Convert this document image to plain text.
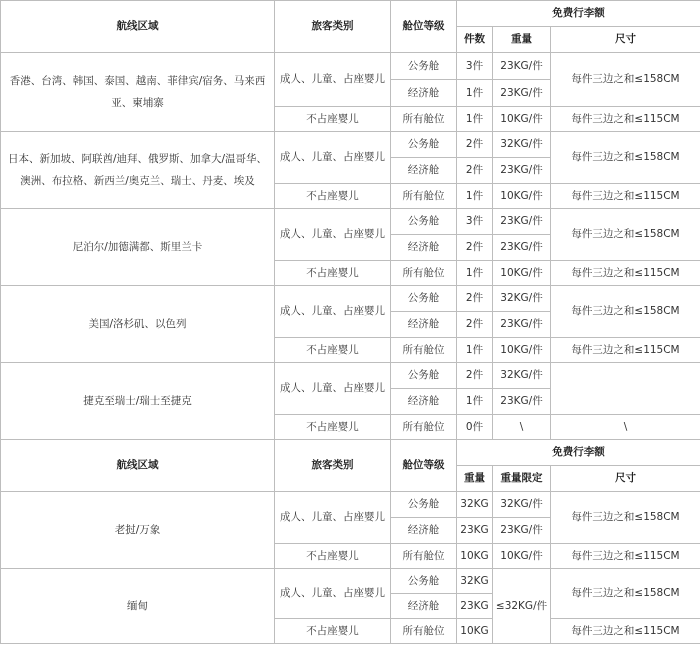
航线区域	旅客类别	舱位等级	免费行李额		
			件数	重量	尺寸
香港、台湾、韩国、泰国、越南、菲律宾/宿务、马来西亚、柬埔寨	成人、儿童、占座婴儿	公务舱	3件	23KG/件	每件三边之和≤158CM
		经济舱	1件	23KG/件	
	不占座婴儿	所有舱位	1件	10KG/件	每件三边之和≤115CM
日本、新加坡、阿联酋/迪拜、俄罗斯、加拿大/温哥华、澳洲、布拉格、新西兰/奥克兰、瑞士、丹麦、埃及	成人、儿童、占座婴儿	公务舱	2件	32KG/件	每件三边之和≤158CM
		经济舱	2件	23KG/件	
	不占座婴儿	所有舱位	1件	10KG/件	每件三边之和≤115CM
尼泊尔/加德满都、斯里兰卡	成人、儿童、占座婴儿	公务舱	3件	23KG/件	每件三边之和≤158CM
		经济舱	2件	23KG/件	
	不占座婴儿	所有舱位	1件	10KG/件	每件三边之和≤115CM
美国/洛杉矶、以色列	成人、儿童、占座婴儿	公务舱	2件	32KG/件	每件三边之和≤158CM
		经济舱	2件	23KG/件	
	不占座婴儿	所有舱位	1件	10KG/件	每件三边之和≤115CM
捷克至瑞士/瑞士至捷克	成人、儿童、占座婴儿	公务舱	2件	32KG/件	
		经济舱	1件	23KG/件	
	不占座婴儿	所有舱位	0件	\	\
航线区域	旅客类别	舱位等级	免费行李额		
			重量	重量限定	尺寸
老挝/万象	成人、儿童、占座婴儿	公务舱	32KG	32KG/件	每件三边之和≤158CM
		经济舱	23KG	23KG/件	
	不占座婴儿	所有舱位	10KG	10KG/件	每件三边之和≤115CM
缅甸	成人、儿童、占座婴儿	公务舱	32KG	≤32KG/件	每件三边之和≤158CM
		经济舱	23KG		
	不占座婴儿	所有舱位	10KG		每件三边之和≤115CM
